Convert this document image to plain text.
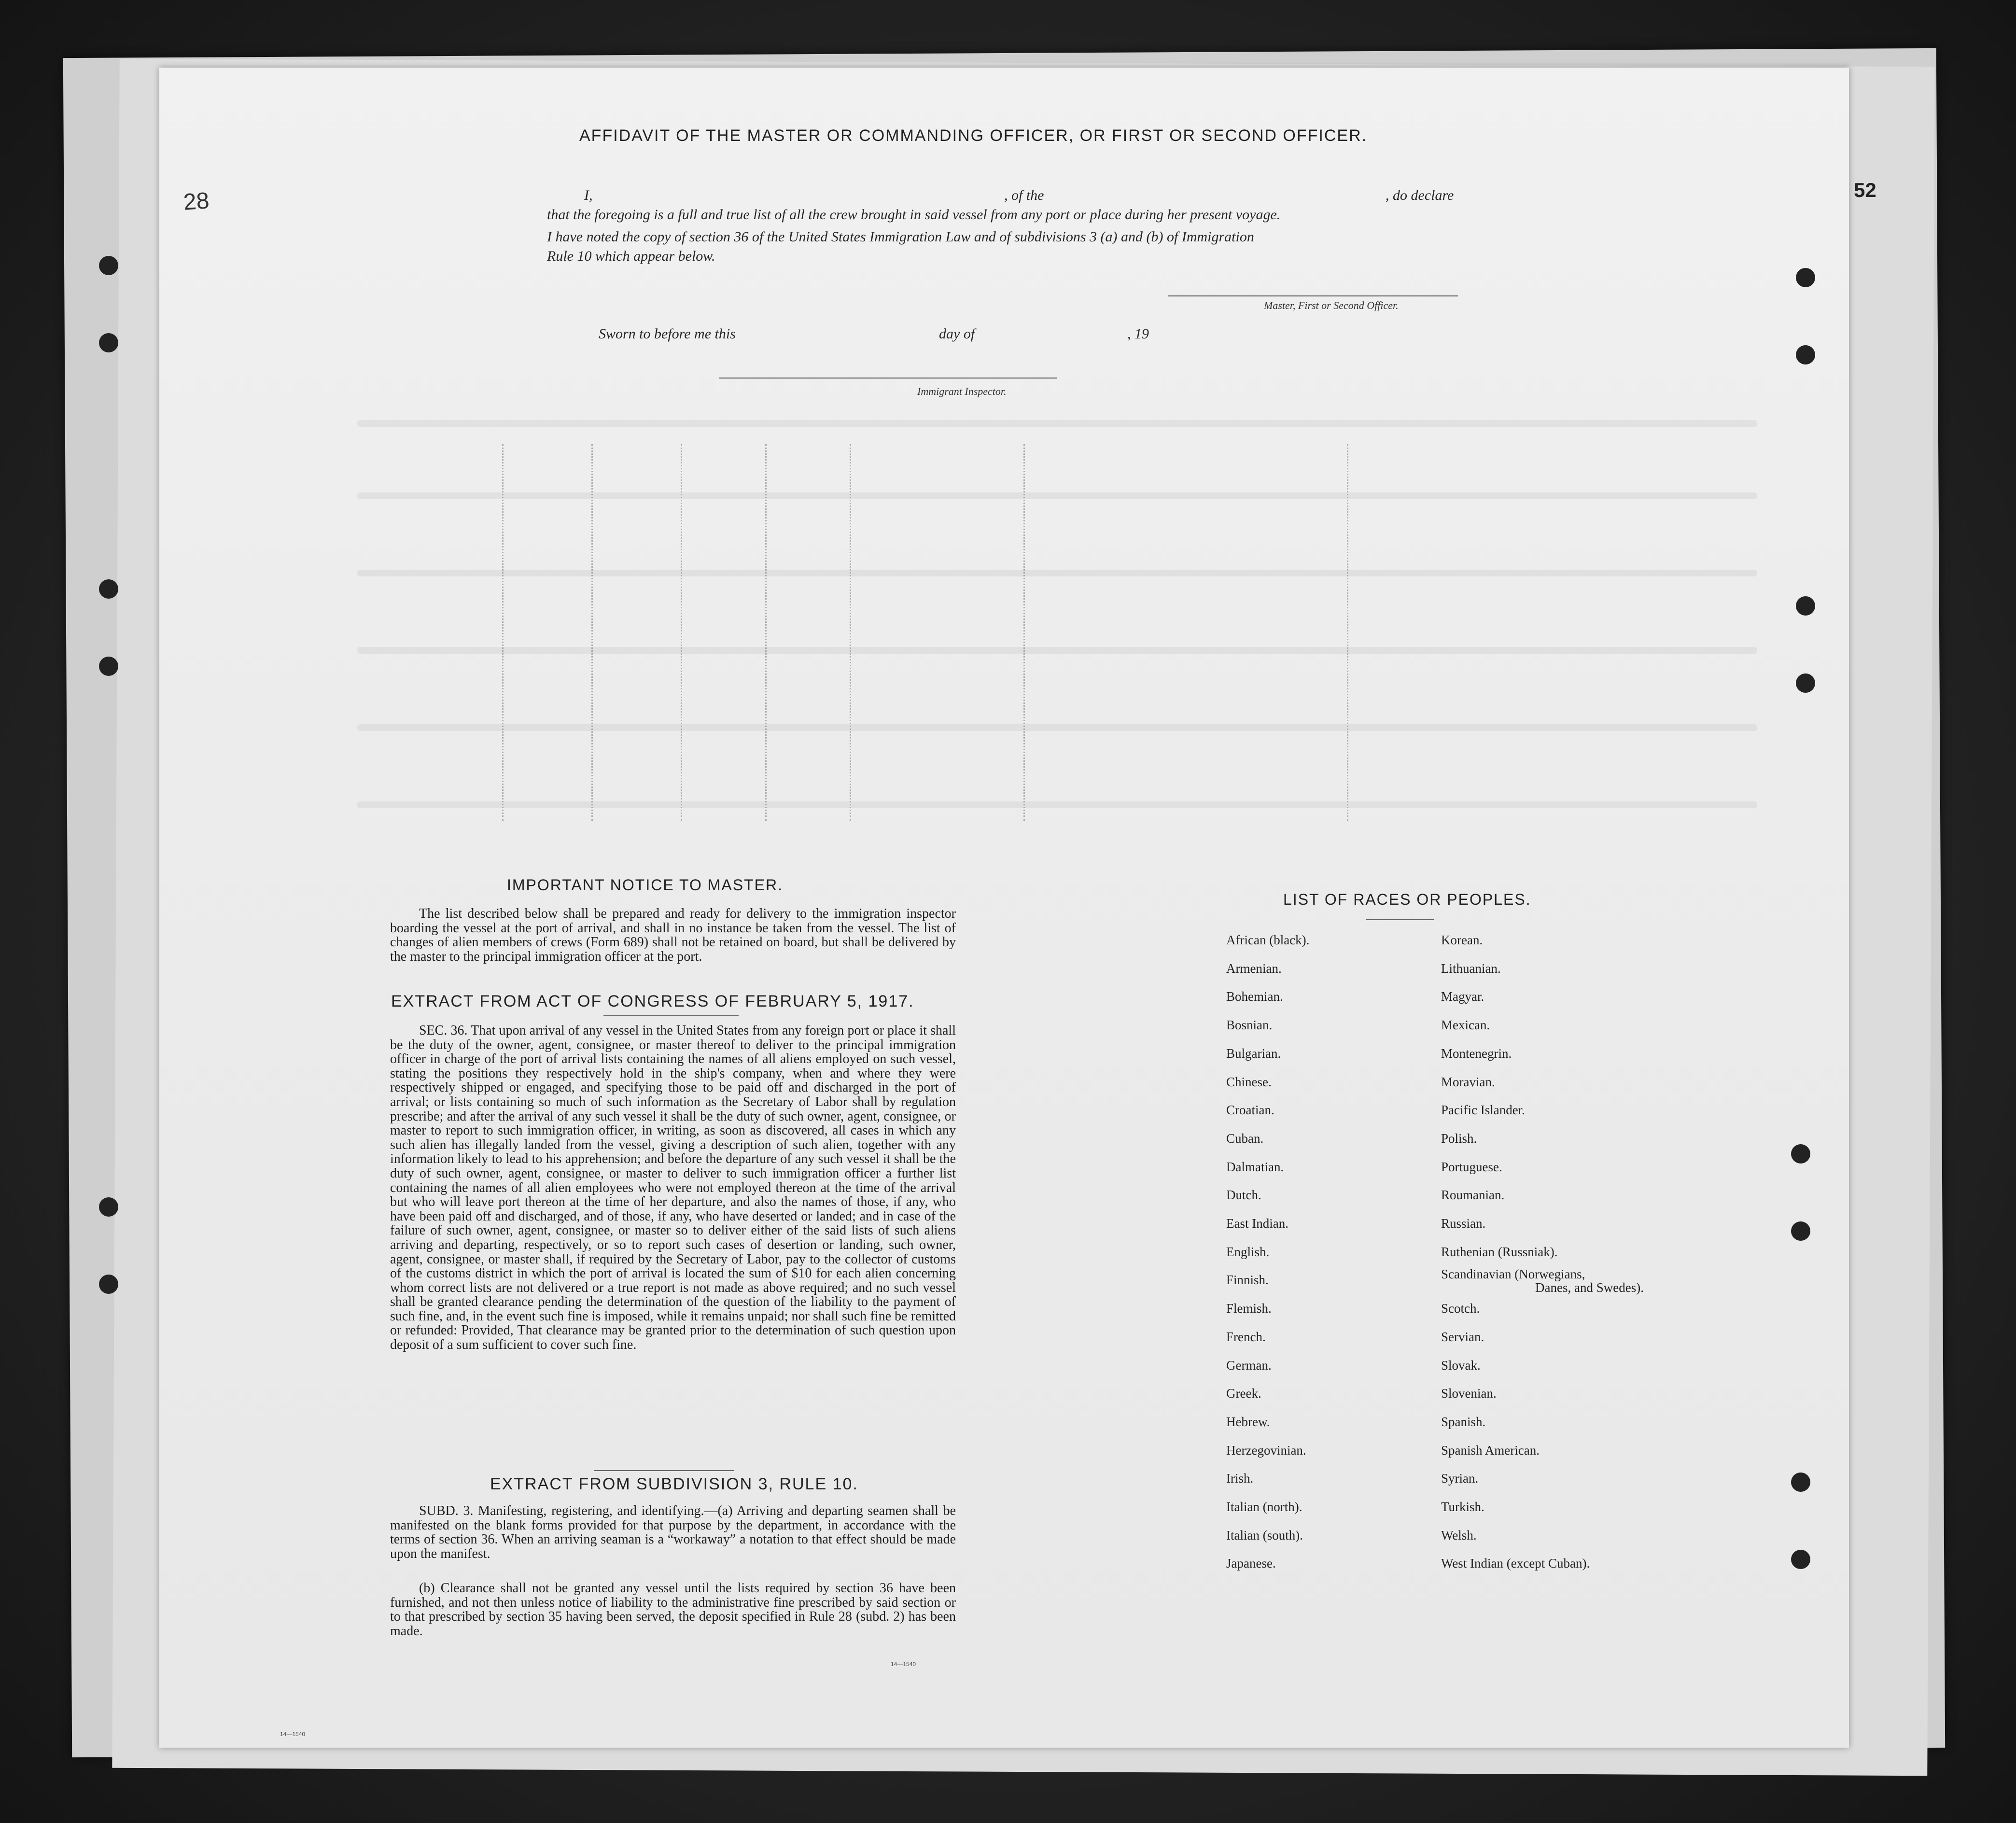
52
28
AFFIDAVIT OF THE MASTER OR COMMANDING OFFICER, OR FIRST OR SECOND OFFICER.
I,	, of the	, do declare
that the foregoing is a full and true list of all the crew brought in said vessel from any port or place during her present voyage.
I have noted the copy of section 36 of the United States Immigration Law and of subdivisions 3 (a) and (b) of Immigration
Rule 10 which appear below.
Master, First or Second Officer.
Sworn to before me this	day of	, 19
Immigrant Inspector.
IMPORTANT NOTICE TO MASTER.
The list described below shall be prepared and ready for delivery to the immigration inspector boarding the vessel at the port of arrival, and shall in no instance be taken from the vessel. The list of changes of alien members of crews (Form 689) shall not be retained on board, but shall be delivered by the master to the principal immigration officer at the port.
EXTRACT FROM ACT OF CONGRESS OF FEBRUARY 5, 1917.
SEC. 36. That upon arrival of any vessel in the United States from any foreign port or place it shall be the duty of the owner, agent, consignee, or master thereof to deliver to the principal immigration officer in charge of the port of arrival lists containing the names of all aliens employed on such vessel, stating the positions they respectively hold in the ship's company, when and where they were respectively shipped or engaged, and specifying those to be paid off and discharged in the port of arrival; or lists containing so much of such information as the Secretary of Labor shall by regulation prescribe; and after the arrival of any such vessel it shall be the duty of such owner, agent, consignee, or master to report to such immigration officer, in writing, as soon as discovered, all cases in which any such alien has illegally landed from the vessel, giving a description of such alien, together with any information likely to lead to his apprehension; and before the departure of any such vessel it shall be the duty of such owner, agent, consignee, or master to deliver to such immigration officer a further list containing the names of all alien employees who were not employed thereon at the time of the arrival but who will leave port thereon at the time of her departure, and also the names of those, if any, who have been paid off and discharged, and of those, if any, who have deserted or landed; and in case of the failure of such owner, agent, consignee, or master so to deliver either of the said lists of such aliens arriving and departing, respectively, or so to report such cases of desertion or landing, such owner, agent, consignee, or master shall, if required by the Secretary of Labor, pay to the collector of customs of the customs district in which the port of arrival is located the sum of $10 for each alien concerning whom correct lists are not delivered or a true report is not made as above required; and no such vessel shall be granted clearance pending the determination of the question of the liability to the payment of such fine, and, in the event such fine is imposed, while it remains unpaid; nor shall such fine be remitted or refunded: Provided, That clearance may be granted prior to the determination of such question upon deposit of a sum sufficient to cover such fine.
EXTRACT FROM SUBDIVISION 3, RULE 10.
SUBD. 3. Manifesting, registering, and identifying.—(a) Arriving and departing seamen shall be manifested on the blank forms provided for that purpose by the department, in accordance with the terms of section 36. When an arriving seaman is a “workaway” a notation to that effect should be made upon the manifest.
(b) Clearance shall not be granted any vessel until the lists required by section 36 have been furnished, and not then unless notice of liability to the administrative fine prescribed by said section or to that prescribed by section 35 having been served, the deposit specified in Rule 28 (subd. 2) has been made.
14—1540
14—1540
LIST OF RACES OR PEOPLES.
African (black).
Armenian.
Bohemian.
Bosnian.
Bulgarian.
Chinese.
Croatian.
Cuban.
Dalmatian.
Dutch.
East Indian.
English.
Finnish.
Flemish.
French.
German.
Greek.
Hebrew.
Herzegovinian.
Irish.
Italian (north).
Italian (south).
Japanese.
Korean.
Lithuanian.
Magyar.
Mexican.
Montenegrin.
Moravian.
Pacific Islander.
Polish.
Portuguese.
Roumanian.
Russian.
Ruthenian (Russniak).
Scandinavian (Norwegians,
Scotch.
Servian.
Slovak.
Slovenian.
Spanish.
Spanish American.
Syrian.
Turkish.
Welsh.
West Indian (except Cuban).
Danes, and Swedes).
